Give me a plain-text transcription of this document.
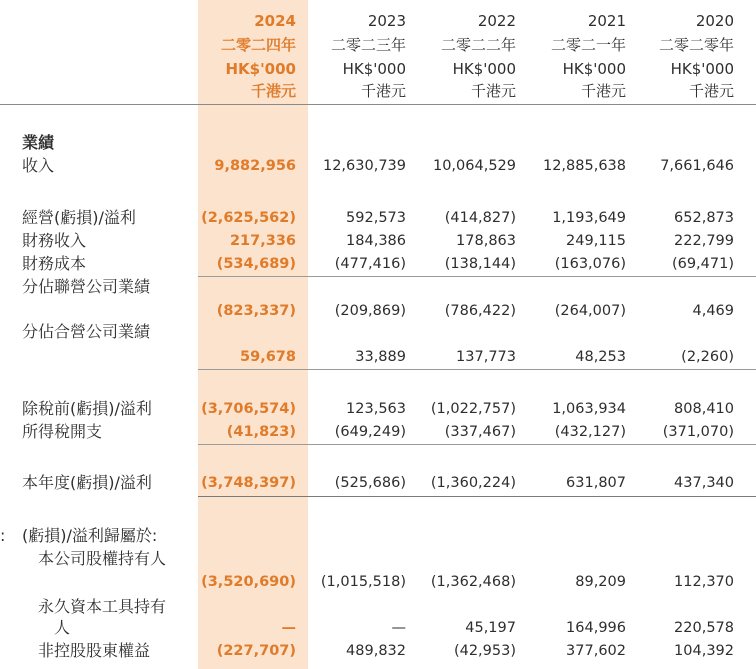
2024	2023	2022	2021	2020
二零二四年	二零二三年	二零二二年	二零二一年	二零二零年
HK$'000	HK$'000	HK$'000	HK$'000	HK$'000
千港元	千港元	千港元	千港元	千港元
業績
收入	9,882,956	12,630,739	10,064,529	12,885,638	7,661,646
經營(虧損)/溢利	(2,625,562)	592,573	(414,827)	1,193,649	652,873
財務收入	217,336	184,386	178,863	249,115	222,799
財務成本	(534,689)	(477,416)	(138,144)	(163,076)	(69,471)
分佔聯營公司業績
(823,337)	(209,869)	(786,422)	(264,007)	4,469
分佔合營公司業績
59,678	33,889	137,773	48,253	(2,260)
除稅前(虧損)/溢利	(3,706,574)	123,563	(1,022,757)	1,063,934	808,410
所得稅開支	(41,823)	(649,249)	(337,467)	(432,127)	(371,070)
本年度(虧損)/溢利	(3,748,397)	(525,686)	(1,360,224)	631,807	437,340
: (虧損)/溢利歸屬於:
本公司股權持有人
(3,520,690)	(1,015,518)	(1,362,468)	89,209	112,370
永久資本工具持有
人	—	—	45,197	164,996	220,578
非控股股東權益	(227,707)	489,832	(42,953)	377,602	104,392
